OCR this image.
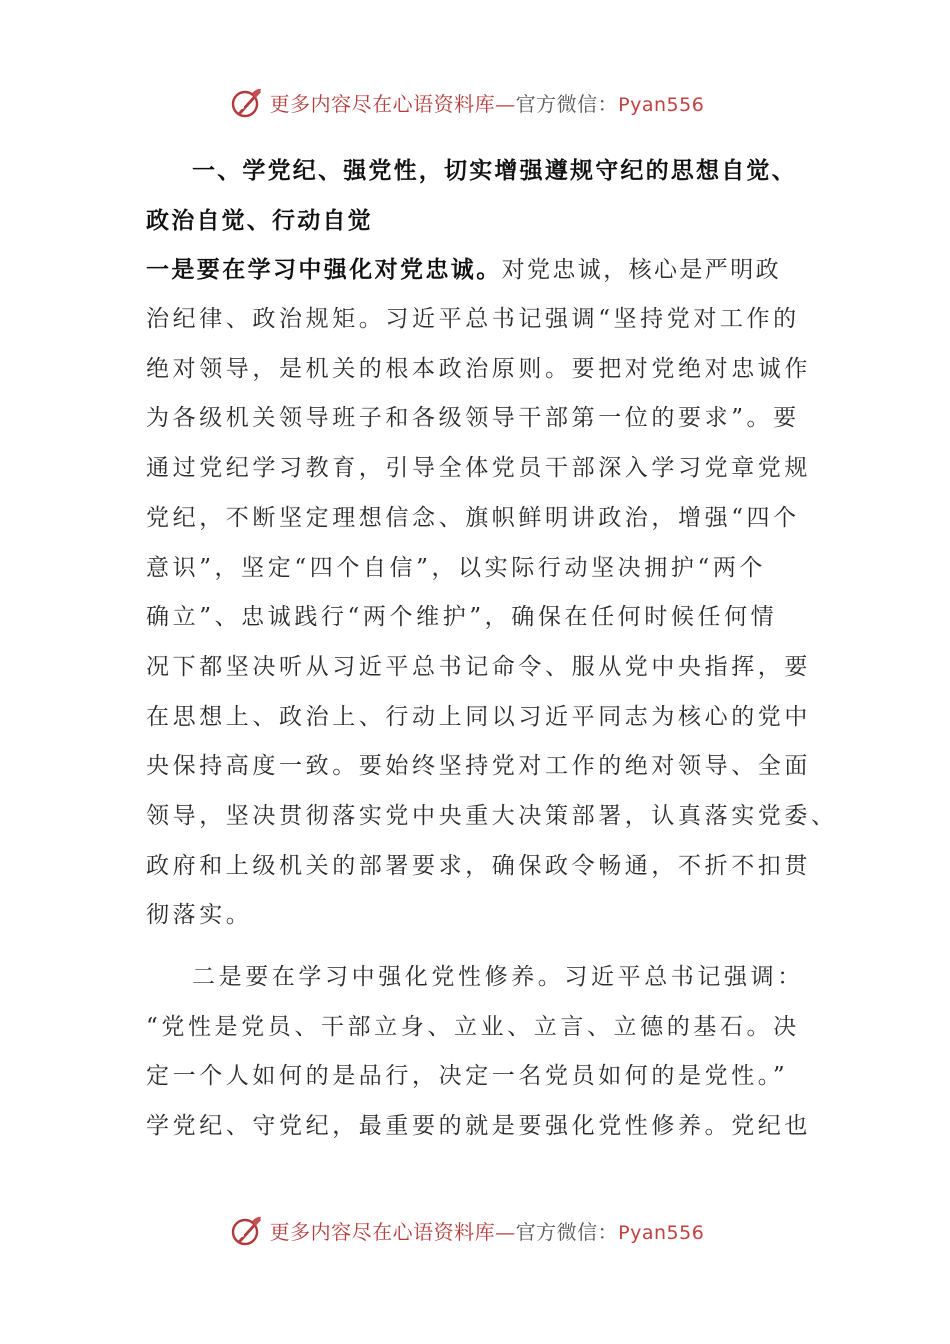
更多内容尽在心语资料库—官方微信：Pyan556
一、学党纪、强党性，切实增强遵规守纪的思想自觉、
政治自觉、行动自觉
一是要在学习中强化对党忠诚。对党忠诚，核心是严明政
治纪律、政治规矩。习近平总书记强调“坚持党对工作的
绝对领导，是机关的根本政治原则。要把对党绝对忠诚作
为各级机关领导班子和各级领导干部第一位的要求”。要
通过党纪学习教育，引导全体党员干部深入学习党章党规
党纪，不断坚定理想信念、旗帜鲜明讲政治，增强“四个
意识”，坚定“四个自信”，以实际行动坚决拥护“两个
确立”、忠诚践行“两个维护”，确保在任何时候任何情
况下都坚决听从习近平总书记命令、服从党中央指挥，要
在思想上、政治上、行动上同以习近平同志为核心的党中
央保持高度一致。要始终坚持党对工作的绝对领导、全面
领导，坚决贯彻落实党中央重大决策部署，认真落实党委、
政府和上级机关的部署要求，确保政令畅通，不折不扣贯
彻落实。
二是要在学习中强化党性修养。习近平总书记强调：
“党性是党员、干部立身、立业、立言、立德的基石。决
定一个人如何的是品行，决定一名党员如何的是党性。”
学党纪、守党纪，最重要的就是要强化党性修养。党纪也
更多内容尽在心语资料库—官方微信：Pyan556
